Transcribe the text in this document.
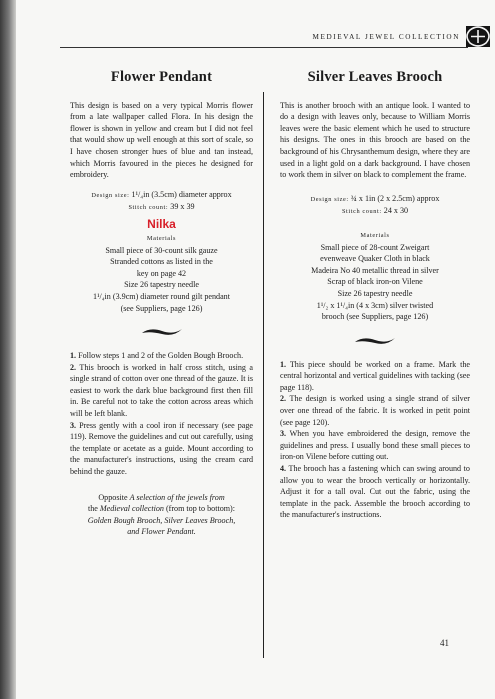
MEDIEVAL JEWEL COLLECTION
Flower Pendant

This design is based on a very typical Morris flower from a late wallpaper called Flora. In his design the flower is shown in yellow and cream but I did not feel that would show up well enough at this sort of scale, so I have chosen stronger hues of blue and tan instead, which Morris favoured in the pieces he designed for embroidery.

Design size: 1¹/₄in (3.5cm) diameter approx

Stitch count: 39 x 39

Nilka

Materials

Small piece of 30-count silk gauze
Stranded cottons as listed in the
key on page 42
Size 26 tapestry needle
1¹/₄in (3.9cm) diameter round gilt pendant
(see Suppliers, page 126)

1. Follow steps 1 and 2 of the Golden Bough Brooch.

2. This brooch is worked in half cross stitch, using a single strand of cotton over one thread of the gauze. It is easiest to work the dark blue background first then fill in. Be careful not to take the cotton across areas which will be left blank.

3. Press gently with a cool iron if necessary (see page 119). Remove the guidelines and cut out carefully, using the template or acetate as a guide. Mount according to the manufacturer's instructions, using the cream card behind the gauze.

Opposite A selection of the jewels from
the Medieval collection (from top to bottom):
Golden Bough Brooch, Silver Leaves Brooch,
and Flower Pendant.
Silver Leaves Brooch

This is another brooch with an antique look. I wanted to do a design with leaves only, because to William Morris leaves were the basic element which he used to structure his designs. The ones in this brooch are based on the background of his Chrysanthemum design, where they are used in a light gold on a dark background. I have chosen to work them in silver on black to complement the frame.

Design size: ¾ x 1in (2 x 2.5cm) approx

Stitch count: 24 x 30

Materials

Small piece of 28-count Zweigart
evenweave Quaker Cloth in black
Madeira No 40 metallic thread in silver
Scrap of black iron-on Vilene
Size 26 tapestry needle
1¹/₂ x 1¹/₄in (4 x 3cm) silver twisted
brooch (see Suppliers, page 126)

1. This piece should be worked on a frame. Mark the central horizontal and vertical guidelines with tacking (see page 118).

2. The design is worked using a single strand of silver over one thread of the fabric. It is worked in petit point (see page 120).

3. When you have embroidered the design, remove the guidelines and press. I usually bond these small pieces to iron-on Vilene before cutting out.

4. The brooch has a fastening which can swing around to allow you to wear the brooch vertically or horizontally. Adjust it for a tall oval. Cut out the fabric, using the template in the pack. Assemble the brooch according to the manufacturer's instructions.

41
